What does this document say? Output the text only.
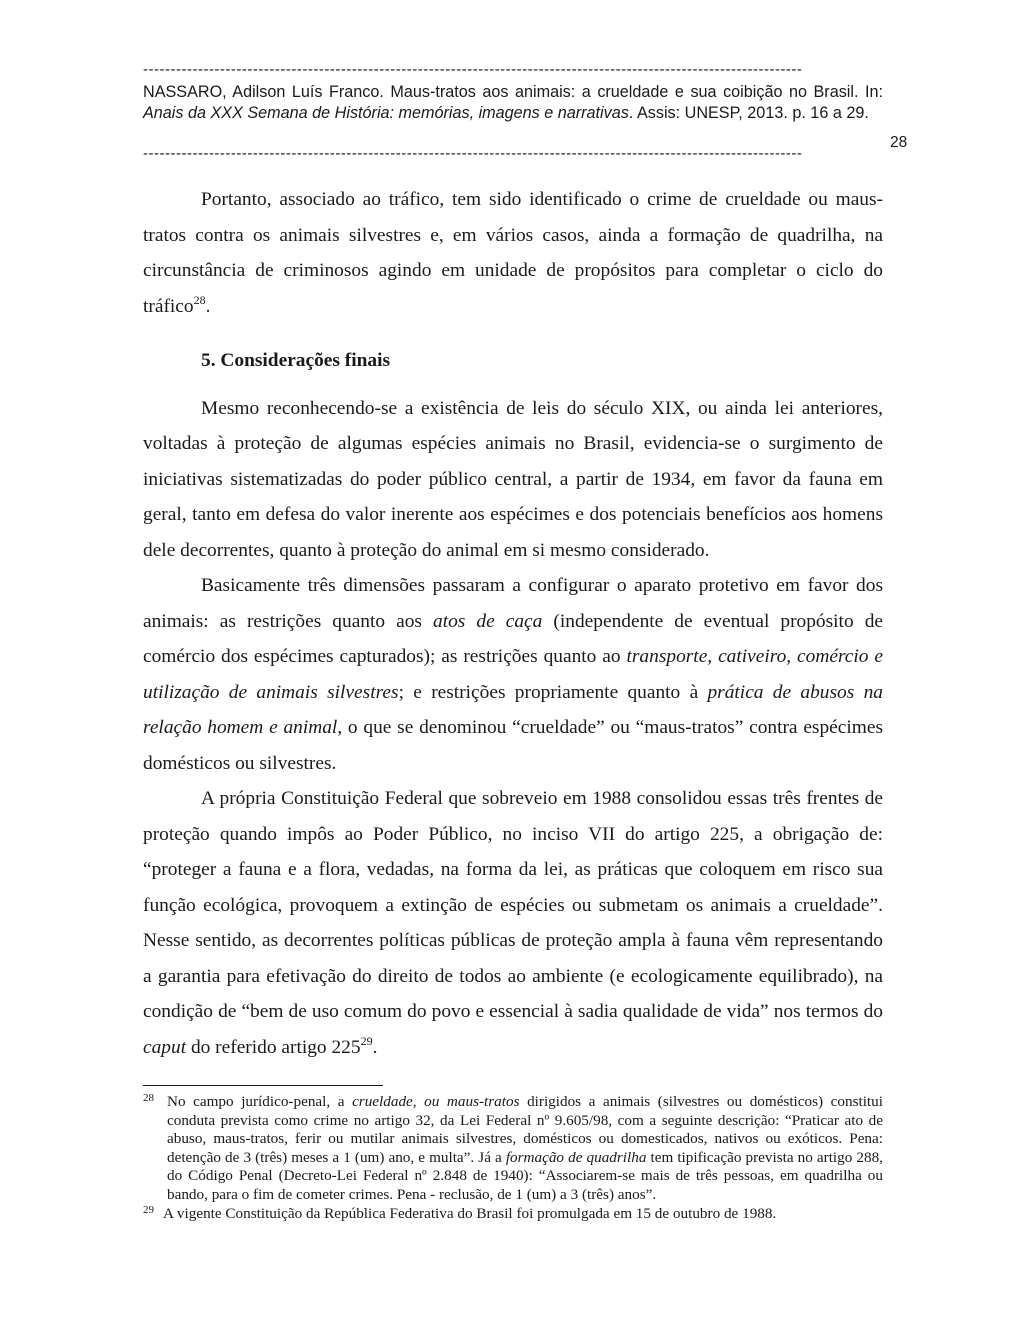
------------------------------------------------------------------------------------------------------------------------
NASSARO, Adilson Luís Franco. Maus-tratos aos animais: a crueldade e sua coibição no Brasil. In: Anais da XXX Semana de História: memórias, imagens e narrativas. Assis: UNESP, 2013. p. 16 a 29.
------------------------------------------------------------------------------------------------------------------------
28

Portanto, associado ao tráfico, tem sido identificado o crime de crueldade ou maus-tratos contra os animais silvestres e, em vários casos, ainda a formação de quadrilha, na circunstância de criminosos agindo em unidade de propósitos para completar o ciclo do tráfico$^{28}$.

5. Considerações finais

Mesmo reconhecendo-se a existência de leis do século XIX, ou ainda lei anteriores, voltadas à proteção de algumas espécies animais no Brasil, evidencia-se o surgimento de iniciativas sistematizadas do poder público central, a partir de 1934, em favor da fauna em geral, tanto em defesa do valor inerente aos espécimes e dos potenciais benefícios aos homens dele decorrentes, quanto à proteção do animal em si mesmo considerado.

Basicamente três dimensões passaram a configurar o aparato protetivo em favor dos animais: as restrições quanto aos atos de caça (independente de eventual propósito de comércio dos espécimes capturados); as restrições quanto ao transporte, cativeiro, comércio e utilização de animais silvestres; e restrições propriamente quanto à prática de abusos na relação homem e animal, o que se denominou “crueldade” ou “maus-tratos” contra espécimes domésticos ou silvestres.

A própria Constituição Federal que sobreveio em 1988 consolidou essas três frentes de proteção quando impôs ao Poder Público, no inciso VII do artigo 225, a obrigação de: “proteger a fauna e a flora, vedadas, na forma da lei, as práticas que coloquem em risco sua função ecológica, provoquem a extinção de espécies ou submetam os animais a crueldade”. Nesse sentido, as decorrentes políticas públicas de proteção ampla à fauna vêm representando a garantia para efetivação do direito de todos ao ambiente (e ecologicamente equilibrado), na condição de “bem de uso comum do povo e essencial à sadia qualidade de vida” nos termos do caput do referido artigo $225^{29}$.

28 No campo jurídico-penal, a crueldade, ou maus-tratos dirigidos a animais (silvestres ou domésticos) constitui conduta prevista como crime no artigo 32, da Lei Federal nº 9.605/98, com a seguinte descrição: “Praticar ato de abuso, maus-tratos, ferir ou mutilar animais silvestres, domésticos ou domesticados, nativos ou exóticos. Pena: detenção de 3 (três) meses a 1 (um) ano, e multa”. Já a formação de quadrilha tem tipificação prevista no artigo 288, do Código Penal (Decreto-Lei Federal nº 2.848 de 1940): “Associarem-se mais de três pessoas, em quadrilha ou bando, para o fim de cometer crimes. Pena - reclusão, de 1 (um) a 3 (três) anos”.
29 A vigente Constituição da República Federativa do Brasil foi promulgada em 15 de outubro de 1988.
